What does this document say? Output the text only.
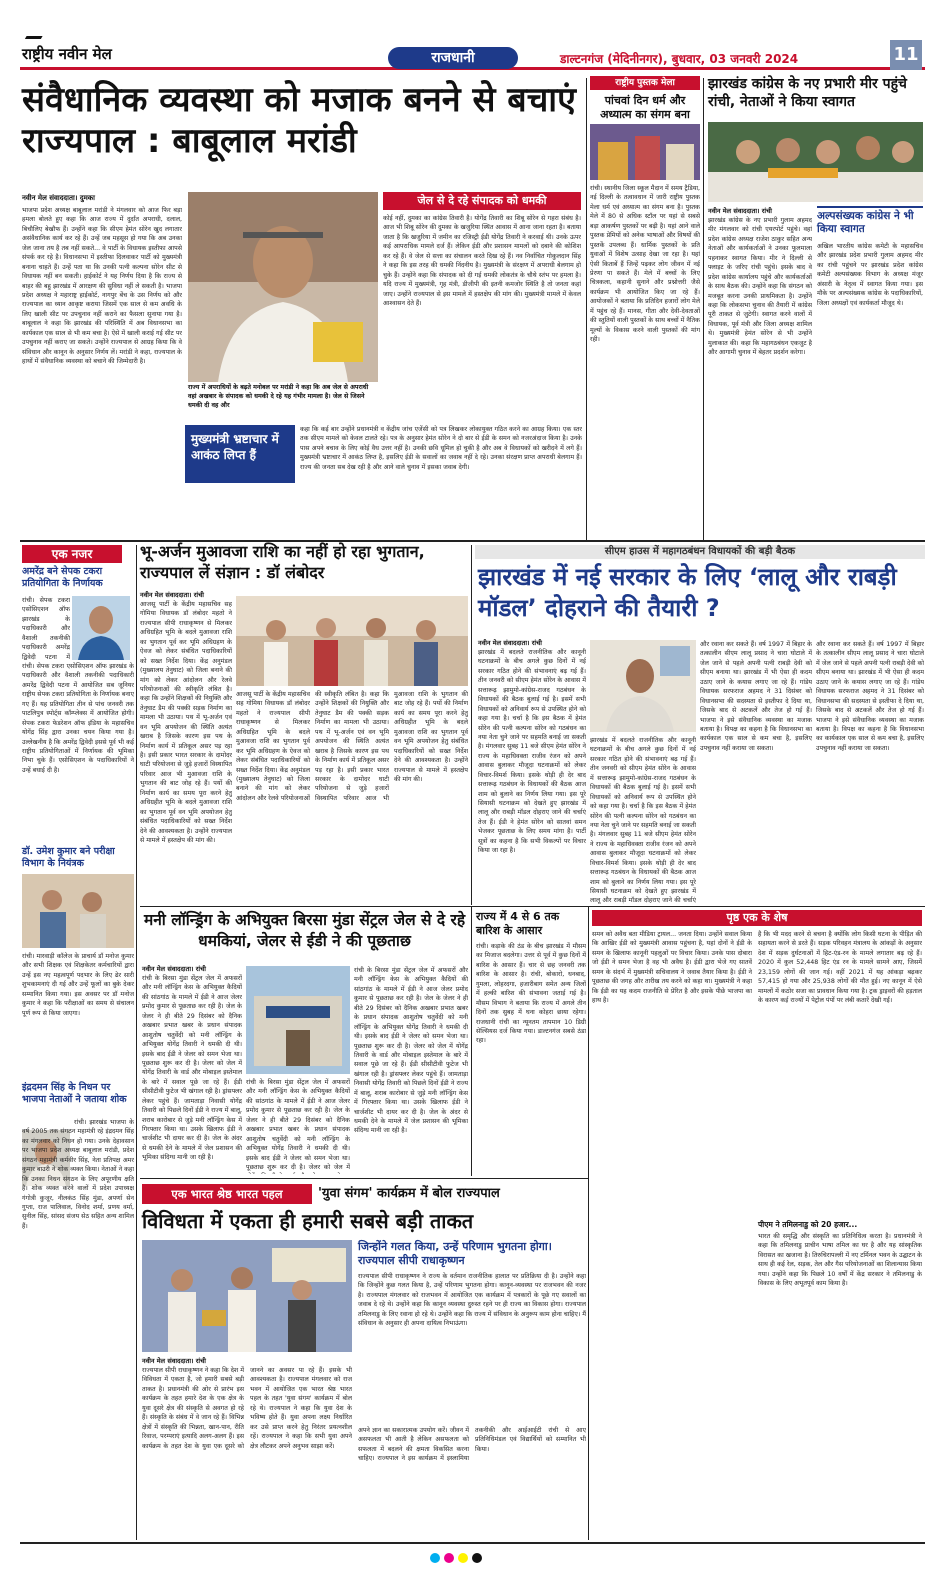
राष्ट्रीय नवीन मेल	राजधानी	डाल्टनगंज (मेदिनीनगर), बुधवार, 03 जनवरी 2024	11
संवैधानिक व्यवस्था को मजाक बनने से बचाएं राज्यपाल : बाबूलाल मरांडी
जेल से दे रहे संपादक को धमकी
नवीन मेल संवाददाता। दुमका
भाजपा प्रदेश अध्यक्ष बाबूलाल मरांडी ने मंगलवार को आज फिर बड़ा हमला बोलते हुए कहा कि आज राज्य में दुर्दांत अपराधी, दलाल, बिचौलिए बेखौफ हैं। उन्होंने कहा कि सीएम हेमंत सोरेन खुद लगातार असंवैधानिक कार्य कर रहे हैं। उन्हें जब महसूस हो गया कि अब उनका जेल जाना तय है तब नहीं सकते... वे पार्टी के विधायक इस्तीफा आपसे संपर्क कर रहे है। विधानसभा में इस्तीफा दिलवाकर पार्टी को मुख्यमंत्री बनाना चाहते हैं। उन्हें पता था कि उनकी पत्नी कल्पना सोरेन सीट से विधायक नहीं बन सकती। हाईकोर्ट ने यह निर्णय दिया है कि राज्य से बाहर की बहु झारखंड में आरक्षण की सुविधा नहीं ले सकती है। भाजपा प्रदेश अध्यक्ष ने महाराष्ट्र हाईकोर्ट, नागपुर बेंच के उस निर्णय को और राज्यपाल का ध्यान आकृष्ट कराया जिसमें एक साल से कम अवधि के लिए खाली सीट पर उपचुनाव नहीं कराने का फैसला सुनाया गया है। बाबूलाल ने कहा कि झारखंड की परिस्थिति में अब विधानसभा का कार्यकाल एक साल से भी कम बचा है। ऐसे में खाली कराई गई सीट पर उपचुनाव नहीं कराए जा सकते। उन्होंने राज्यपाल से आग्रह किया कि वे संविधान और कानून के अनुसार निर्णय लें। मरांडी ने कहा, राज्यपाल के हाथों में संवैधानिक व्यवस्था को बचाने की जिम्मेदारी है।
राज्य में अपराधियों के बढ़ते मनोबल पर मरांडी ने कहा कि अब जेल से अपराधी वहां अखबार के संपादक को धमकी दे रहे यह गंभीर मामला है। जेल से जिसने धमकी दी वह और
कोई नहीं, दुमका का कांग्रेस तिवारी है। योगेंद्र तिवारी का शिबू सोरेन से गहरा संबंध है। आज भी शिबू सोरेन की दुमका के खजुरिया स्थित आवास में आना जाना रहता है। बताया जाता है कि खजुरिया में जमीन का रजिस्ट्री ईडी योगेंद्र तिवारी ने करवाई थी। उनके ऊपर कई आपराधिक मामले दर्ज हैं। लेकिन ईडी और प्रशासन मामलों को दबाने की कोशिश कर रहे हैं। वे जेल से सत्ता का संचालन करते दिख रहे हैं। नव निर्वाचित गोकुलदान सिंह ने कहा कि इस तरह की धमकी निंदनीय है। मुख्यमंत्री के संरक्षण में अपराधी बेलगाम हो चुके हैं। उन्होंने कहा कि संपादक को दी गई धमकी लोकतंत्र के चौथे स्तंभ पर हमला है। यदि राज्य में मुख्यमंत्री, गृह मंत्री, डीजीपी की इतनी कमजोर स्थिति है तो जनता कहां जाए। उन्होंने राज्यपाल से इस मामले में हस्तक्षेप की मांग की। मुख्यमंत्री मामले में केवल आश्वासन देते हैं।
मुख्यमंत्री भ्रष्टाचार में आकंठ लिप्त हैं
कहा कि कई बार उन्होंने प्रधानमंत्री व केंद्रीय जांच एजेंसी को पत्र लिखकर लोकायुक्त गठित करने का आग्रह किया। एक स्तर तक सीएम मामले को केवल टालते रहे। पत्र के अनुसार हेमंत सोरेन ने दो बार से ईडी के समन को नजरअंदाज किया है। उनके पास अपने बचाव के लिए कोई वैध उत्तर नहीं है। उनकी छवि धूमिल हो चुकी है और अब वे विधायकों को खरीदने में लगे हैं। मुख्यमंत्री भ्रष्टाचार में आकंठ लिप्त है, इसलिए ईडी के सवालों का जवाब नहीं दे रहे। उनका संरक्षण प्राप्त अपराधी बेलगाम हैं। राज्य की जनता सब देख रही है और आने वाले चुनाव में इसका जवाब देगी।
राष्ट्रीय पुस्तक मेला
पांचवां दिन धर्म और अध्यात्म का संगम बना
रांची। स्थानीय जिला स्कूल मैदान में समय ट्रैडिया, नई दिल्ली के तत्वावधान में जारी राष्ट्रीय पुस्तक मेला धर्म एवं अध्यात्म का संगम बना है। पुस्तक मेले में 80 से अधिक स्टॉल पर यहां से सबसे बड़ा आकर्षण पुस्तकों पर बढ़ी है। यहां आने वाले पुस्तक प्रेमियों को अनेक भाषाओं और विषयों की पुस्तकें उपलब्ध हैं। धार्मिक पुस्तकों के प्रति युवाओं में विशेष उत्साह देखा जा रहा है। यहां ऐसी किताबें हैं जिन्हें पढ़कर लोग जीवन में नई प्रेरणा पा सकते हैं। मेले में बच्चों के लिए चित्रकला, कहानी सुनाने और प्रश्नोत्तरी जैसे कार्यक्रम भी आयोजित किए जा रहे हैं। आयोजकों ने बताया कि प्रतिदिन हजारों लोग मेले में पहुंच रहे हैं। मानस, गीता और देवी-देवताओं की स्तुतियों वाली पुस्तकों के साथ बच्चों में नैतिक मूल्यों के विकास करने वाली पुस्तकों की मांग रही।
झारखंड कांग्रेस के नए प्रभारी मीर पहुंचे रांची, नेताओं ने किया स्वागत
नवीन मेल संवाददाता। रांची
झारखंड कांग्रेस के नए प्रभारी गुलाम अहमद मीर मंगलवार को रांची एयरपोर्ट पहुंचे। वहां प्रदेश कांग्रेस अध्यक्ष राजेश ठाकुर सहित अन्य नेताओं और कार्यकर्ताओं ने उनका फूलमाला पहनाकर स्वागत किया। मीर ने दिल्ली से फ्लाइट के जरिए रांची पहुंचे। इसके बाद वे प्रदेश कांग्रेस कार्यालय पहुंचे और कार्यकर्ताओं के साथ बैठक की। उन्होंने कहा कि संगठन को मजबूत करना उनकी प्राथमिकता है। उन्होंने कहा कि लोकसभा चुनाव की तैयारी में कांग्रेस पूरी ताकत से जुटेगी। स्वागत करने वालों में विधायक, पूर्व मंत्री और जिला अध्यक्ष शामिल थे। मुख्यमंत्री हेमंत सोरेन से भी उन्होंने मुलाकात की। कहा कि महागठबंधन एकजुट है और आगामी चुनाव में बेहतर प्रदर्शन करेगा।
अल्पसंख्यक कांग्रेस ने भी किया स्वागत
अखिल भारतीय कांग्रेस कमेटी के महासचिव और झारखंड प्रदेश प्रभारी गुलाम अहमद मीर का रांची पहुंचने पर झारखंड प्रदेश कांग्रेस कमेटी अल्पसंख्यक विभाग के अध्यक्ष मंजूर अंसारी के नेतृत्व में स्वागत किया गया। इस मौके पर अल्पसंख्यक कांग्रेस के पदाधिकारियों, जिला अध्यक्षों एवं कार्यकर्ता मौजूद थे।
एक नजर
अमरेंद्र बने सेपक टकरा प्रतियोगिता के निर्णायक
रांची। सेपक टकरा एसोसिएशन ऑफ झारखंड के पदाधिकारी और वैशाली तकनीकी पदाधिकारी अमरेंद्र द्विवेदी पटना में
रांची। सेपक टकरा एसोसिएशन ऑफ झारखंड के पदाधिकारी और वैशाली तकनीकी पदाधिकारी अमरेंद्र द्विवेदी पटना में आयोजित सब जूनियर राष्ट्रीय सेपक टकरा प्रतियोगिता के निर्णायक बनाए गए हैं। यह प्रतियोगिता तीन से पांच जनवरी तक पाटलिपुत्र स्पोर्ट्स कॉम्प्लेक्स में आयोजित होगी। सेपक टकरा फेडरेशन ऑफ इंडिया के महासचिव योगेंद्र सिंह द्वारा उनका चयन किया गया है। उल्लेखनीय है कि अमरेंद्र द्विवेदी इससे पूर्व भी कई राष्ट्रीय प्रतियोगिताओं में निर्णायक की भूमिका निभा चुके हैं। एसोसिएशन के पदाधिकारियों ने उन्हें बधाई दी है।
डॉ. उमेश कुमार बने परीक्षा विभाग के नियंत्रक
रांची। मारवाड़ी कॉलेज के प्राचार्य डॉ मनोज कुमार और सभी शिक्षक एवं शिक्षकेतर कर्मचारियों द्वारा उन्हें इस नए महत्वपूर्ण पदभार के लिए ढेर सारी शुभकामनाएं दी गई और उन्हें फूलों का बुके देकर सम्मानित किया गया। इस अवसर पर डॉ मनोज कुमार ने कहा कि परीक्षाओं का समय से संचालन पूर्ण रूप से किया जाएगा।
इंद्रदमन सिंह के निधन पर भाजपा नेताओं ने जताया शोक
रांची। झारखंड भाजपा के वर्ष 2005 तक संगठन महामंत्री रहे इंद्रदमन सिंह का मंगलवार को निधन हो गया। उनके देहावसान पर भाजपा प्रदेश अध्यक्ष बाबूलाल मरांडी, प्रदेश संगठन महामंत्री कर्मवीर सिंह, नेता प्रतिपक्ष अमर कुमार बाउरी ने शोक व्यक्त किया। नेताओं ने कहा कि उनका निधन संगठन के लिए अपूरणीय क्षति है। शोक व्यक्त करने वालों में प्रदेश उपाध्यक्ष गंगोत्री कुजूर, नीलकंठ सिंह मुंडा, अपर्णा सेन गुप्ता, राज पालिवाल, विनोद शर्मा, प्रणय वर्मा, सुनील सिंह, सांसद संजय सेठ सहित अन्य शामिल हैं।
भू-अर्जन मुआवजा राशि का नहीं हो रहा भुगतान, राज्यपाल लें संज्ञान : डॉ लंबोदर
नवीन मेल संवाददाता। रांची
आजसू पार्टी के केंद्रीय महासचिव सह गोमिया विधायक डॉ लंबोदर महतो ने राज्यपाल सीपी राधाकृष्णन से मिलकर अधिग्रहित भूमि के बदले मुआवजा राशि का भुगतान पूर्व कर भूमि अधिग्रहण के ऐवज को लेकर संबंधित पदाधिकारियों को सख्त निर्देश दिया। केंद्र अनुमंडल (मुख्यालय तेनुघाट) को जिला बनाने की मांग को लेकर आंदोलन और रेलवे परियोजनाओं की स्वीकृति लंबित है। कहा कि उन्होंने शिक्षकों की नियुक्ति और तेनुघाट डैम की पक्की सड़क निर्माण का मामला भी उठाया। पथ में भू-अर्जन एवं वन भूमि अपयोजन की स्थिति अत्यंत खराब है जिसके कारण इस पथ के निर्माण कार्य में प्रतिकूल असर पड़ रहा है। इसी प्रकार भारत सरकार के दामोदर घाटी परियोजना से जुड़े हजारों विस्थापित परिवार आज भी मुआवजा राशि के भुगतान की बाट जोह रहे हैं। पर्यो की निर्माण कार्य का समय पूरा करने हेतु अधिग्रहीत भूमि के बदले मुआवजा राशि का भुगतान पूर्व वन भूमि अपयोजन हेतु संबंधित पदाधिकारियों को सख्त निर्देश देने की आवश्यकता है। उन्होंने राज्यपाल से मामले में हस्तक्षेप की मांग की।
आजसू पार्टी के केंद्रीय महासचिव सह गोमिया विधायक डॉ लंबोदर महतो ने राज्यपाल सीपी राधाकृष्णन से मिलकर अधिग्रहित भूमि के बदले मुआवजा राशि का भुगतान पूर्व कर भूमि अधिग्रहण के ऐवज को लेकर संबंधित पदाधिकारियों को सख्त निर्देश दिया। केंद्र अनुमंडल (मुख्यालय तेनुघाट) को जिला बनाने की मांग को लेकर आंदोलन और रेलवे परियोजनाओं की स्वीकृति लंबित है। कहा कि उन्होंने शिक्षकों की नियुक्ति और तेनुघाट डैम की पक्की सड़क निर्माण का मामला भी उठाया। पथ में भू-अर्जन एवं वन भूमि अपयोजन की स्थिति अत्यंत खराब है जिसके कारण इस पथ के निर्माण कार्य में प्रतिकूल असर पड़ रहा है। इसी प्रकार भारत सरकार के दामोदर घाटी परियोजना से जुड़े हजारों विस्थापित परिवार आज भी मुआवजा राशि के भुगतान की बाट जोह रहे हैं। पर्यो की निर्माण कार्य का समय पूरा करने हेतु अधिग्रहीत भूमि के बदले मुआवजा राशि का भुगतान पूर्व वन भूमि अपयोजन हेतु संबंधित पदाधिकारियों को सख्त निर्देश देने की आवश्यकता है। उन्होंने राज्यपाल से मामले में हस्तक्षेप की मांग की।
सीएम हाउस में महागठबंधन विधायकों की बड़ी बैठक
झारखंड में नई सरकार के लिए ‘लालू और राबड़ी मॉडल’ दोहराने की तैयारी ?
नवीन मेल संवाददाता। रांची
झारखंड में बदलते राजनीतिक और कानूनी घटनाक्रमों के बीच अगले कुछ दिनों में नई सरकार गठित होने की संभावनाएं बढ़ गई हैं। तीन जनवरी को सीएम हेमंत सोरेन के आवास में सत्तारूढ़ झामुमो-कांग्रेस-राजद गठबंधन के विधायकों की बैठक बुलाई गई है। इसमें सभी विधायकों को अनिवार्य रूप से उपस्थित होने को कहा गया है। चर्चा है कि इस बैठक में हेमंत सोरेन की पत्नी कल्पना सोरेन को गठबंधन का नया नेता चुने जाने पर सहमति बनाई जा सकती है। मंगलवार सुबह 11 बजे सीएम हेमंत सोरेन ने राज्य के महाधिवक्ता राजीव रंजन को अपने आवास बुलाकर मौजूदा घटनाक्रमों को लेकर विचार-विमर्श किया। इसके थोड़ी ही देर बाद सत्तारूढ़ गठबंधन के विधायकों की बैठक आज शाम को बुलाने का निर्णय लिया गया। इस पूरे सियासी घटनाक्रम को देखते हुए झारखंड में लालू और राबड़ी मॉडल दोहराए जाने की चर्चाएं तेज हैं। ईडी ने हेमंत सोरेन को सातवां समन भेजकर पूछताछ के लिए समय मांगा है। पार्टी सूत्रों का कहना है कि सभी विकल्पों पर विचार किया जा रहा है।
झारखंड में बदलते राजनीतिक और कानूनी घटनाक्रमों के बीच अगले कुछ दिनों में नई सरकार गठित होने की संभावनाएं बढ़ गई हैं। तीन जनवरी को सीएम हेमंत सोरेन के आवास में सत्तारूढ़ झामुमो-कांग्रेस-राजद गठबंधन के विधायकों की बैठक बुलाई गई है। इसमें सभी विधायकों को अनिवार्य रूप से उपस्थित होने को कहा गया है। चर्चा है कि इस बैठक में हेमंत सोरेन की पत्नी कल्पना सोरेन को गठबंधन का नया नेता चुने जाने पर सहमति बनाई जा सकती है। मंगलवार सुबह 11 बजे सीएम हेमंत सोरेन ने राज्य के महाधिवक्ता राजीव रंजन को अपने आवास बुलाकर मौजूदा घटनाक्रमों को लेकर विचार-विमर्श किया। इसके थोड़ी ही देर बाद सत्तारूढ़ गठबंधन के विधायकों की बैठक आज शाम को बुलाने का निर्णय लिया गया। इस पूरे सियासी घटनाक्रम को देखते हुए झारखंड में लालू और राबड़ी मॉडल दोहराए जाने की चर्चाएं
और रवाना कर सकते हैं। वर्ष 1997 में बिहार के तत्कालीन सीएम लालू प्रसाद ने चारा घोटाले में जेल जाने से पहले अपनी पत्नी राबड़ी देवी को सीएम बनाया था। झारखंड में भी ऐसा ही कदम उठाए जाने के कयास लगाए जा रहे हैं। गांडेय विधायक सरफराज अहमद ने 31 दिसंबर को विधानसभा की सदस्यता से इस्तीफा दे दिया था, जिसके बाद से अटकलें और तेज हो गई हैं। भाजपा ने इसे संवैधानिक व्यवस्था का मजाक बताया है। विपक्ष का कहना है कि विधानसभा का कार्यकाल एक साल से कम बचा है, इसलिए उपचुनाव नहीं कराया जा सकता।
और रवाना कर सकते हैं। वर्ष 1997 में बिहार के तत्कालीन सीएम लालू प्रसाद ने चारा घोटाले में जेल जाने से पहले अपनी पत्नी राबड़ी देवी को सीएम बनाया था। झारखंड में भी ऐसा ही कदम उठाए जाने के कयास लगाए जा रहे हैं। गांडेय विधायक सरफराज अहमद ने 31 दिसंबर को विधानसभा की सदस्यता से इस्तीफा दे दिया था, जिसके बाद से अटकलें और तेज हो गई हैं। भाजपा ने इसे संवैधानिक व्यवस्था का मजाक बताया है। विपक्ष का कहना है कि विधानसभा का कार्यकाल एक साल से कम बचा है, इसलिए उपचुनाव नहीं कराया जा सकता।
मनी लॉन्ड्रिंग के अभियुक्त बिरसा मुंडा सेंट्रल जेल से दे रहे धमकियां, जेलर से ईडी ने की पूछताछ
नवीन मेल संवाददाता। रांची
रांची के बिरसा मुंडा सेंट्रल जेल में अफसरों और मनी लॉन्ड्रिंग केस के अभियुक्त कैदियों की सांठगांठ के मामले में ईडी ने आज जेलर प्रमोद कुमार से पूछताछ कर रही है। जेल के जेलर ने ही बीते 29 दिसंबर को दैनिक अखबार प्रभात खबर के प्रधान संपादक आशुतोष चतुर्वेदी को मनी लॉन्ड्रिंग के अभियुक्त योगेंद्र तिवारी ने धमकी दी थी। इसके बाद ईडी ने जेलर को समन भेजा था। पूछताछ शुरू कर दी है। जेलर को जेल में योगेंद्र तिवारी के वार्ड और मोबाइल इस्तेमाल के बारे में सवाल पूछे जा रहे हैं। ईडी सीसीटीवी फुटेज भी खंगाल रही है। ड्रांसफ्लर लेकर पहुंचे हैं। जामताड़ा निवासी योगेंद्र तिवारी को पिछले दिनों ईडी ने राज्य में बालू, शराब कारोबार से जुड़े मनी लॉन्ड्रिंग केस में गिरफ्तार किया था। उसके खिलाफ ईडी ने चार्जशीट भी दायर कर दी है। जेल के अंदर से धमकी देने के मामले में जेल प्रशासन की भूमिका संदिग्ध मानी जा रही है।
रांची के बिरसा मुंडा सेंट्रल जेल में अफसरों और मनी लॉन्ड्रिंग केस के अभियुक्त कैदियों की सांठगांठ के मामले में ईडी ने आज जेलर प्रमोद कुमार से पूछताछ कर रही है। जेल के जेलर ने ही बीते 29 दिसंबर को दैनिक अखबार प्रभात खबर के प्रधान संपादक आशुतोष चतुर्वेदी को मनी लॉन्ड्रिंग के अभियुक्त योगेंद्र तिवारी ने धमकी दी थी। इसके बाद ईडी ने जेलर को समन भेजा था। पूछताछ शुरू कर दी है। जेलर को जेल में
रांची के बिरसा मुंडा सेंट्रल जेल में अफसरों और मनी लॉन्ड्रिंग केस के अभियुक्त कैदियों की सांठगांठ के मामले में ईडी ने आज जेलर प्रमोद कुमार से पूछताछ कर रही है। जेल के जेलर ने ही बीते 29 दिसंबर को दैनिक अखबार प्रभात खबर के प्रधान संपादक आशुतोष चतुर्वेदी को मनी लॉन्ड्रिंग के अभियुक्त योगेंद्र तिवारी ने धमकी दी थी। इसके बाद ईडी ने जेलर को समन भेजा था। पूछताछ शुरू कर दी है। जेलर को जेल में योगेंद्र तिवारी के वार्ड और मोबाइल इस्तेमाल के बारे में सवाल पूछे जा रहे हैं। ईडी सीसीटीवी फुटेज भी खंगाल रही है। ड्रांसफ्लर लेकर पहुंचे हैं। जामताड़ा निवासी योगेंद्र तिवारी को पिछले दिनों ईडी ने राज्य में बालू, शराब कारोबार से जुड़े मनी लॉन्ड्रिंग केस में गिरफ्तार किया था। उसके खिलाफ ईडी ने चार्जशीट भी दायर कर दी है। जेल के अंदर से धमकी देने के मामले में जेल प्रशासन की भूमिका संदिग्ध मानी जा रही है।
राज्य में 4 से 6 तक बारिश के आसार
रांची। कड़ाके की ठंड के बीच झारखंड में मौसम का मिजाज बदलेगा। उत्तर से पूर्व में कुछ दिनों में बारिश के आसार हैं। चार से छह जनवरी तक बारिश के आसार है। रांची, बोकारो, धनबाद, गुमला, लोहरदगा, हजारीबाग समेत अन्य जिलों में हल्की बारिश की संभावना जताई गई है। मौसम विभाग ने बताया कि राज्य में अगले तीन दिनों तक सुबह में घना कोहरा छाया रहेगा। राजधानी रांची का न्यूनतम तापमान 10 डिग्री सेल्सियस दर्ज किया गया। डाल्टनगंज सबसे ठंडा रहा।
पृष्ठ एक के शेष
समन को अवैध बता मीडिया ट्रायल... जनता दिया। उन्होंने सवाल किया कि आखिर ईडी को मुख्यमंत्री आवास पहुंचना है, यहां दोनों ने ईडी के समन के खिलाफ कानूनी पहलुओं पर विचार किया। उनके पास दोबारा जो ईडी ने समन भेजा है वह भी अवैध है। ईडी द्वारा भेजे गए सातवें समन के संदर्भ में मुख्यमंत्री सचिवालय ने जवाब तैयार किया है। ईडी ने पूछताछ की जगह और तारीख तय करने को कहा था। मुख्यमंत्री ने कहा कि ईडी का यह कदम राजनीति से प्रेरित है और इसके पीछे भाजपा का हाथ है।
है कि भी मदद करने से बचना है क्योंकि लोग किसी घटना के पीड़ित की सहायता करने से डरते हैं। सड़क परिवहन मंत्रालय के आंकड़ों के अनुसार देश में सड़क दुर्घटनाओं में हिट-एंड-रन के मामले लगातार बढ़ रहे हैं। 2020 में कुल 52,448 हिट एंड रन के मामले सामने आए, जिसमें 23,159 लोगों की जान गई। वहीं 2021 में यह आंकड़ा बढ़कर 57,415 हो गया और 25,938 लोगों की मौत हुई। नए कानून में ऐसे मामलों में कठोर सजा का प्रावधान किया गया है। ट्रक ड्राइवरों की हड़ताल के कारण कई राज्यों में पेट्रोल पंपों पर लंबी कतारें देखी गईं।
पीएम ने तमिलनाडु को 20 हजार...
भारत की समृद्धि और संस्कृति का प्रतिनिधित्व करता है। प्रधानमंत्री ने कहा कि तमिलनाडु प्राचीन भाषा तमिल का घर है और यह सांस्कृतिक विरासत का खजाना है। तिरुचिरापल्ली में नए टर्मिनल भवन के उद्घाटन के साथ ही कई रेल, सड़क, तेल और गैस परियोजनाओं का शिलान्यास किया गया। उन्होंने कहा कि पिछले 10 वर्षों में केंद्र सरकार ने तमिलनाडु के विकास के लिए अभूतपूर्व काम किया है।
एक भारत श्रेष्ठ भारत पहल	'युवा संगम' कार्यक्रम में बोल राज्यपाल
विविधता में एकता ही हमारी सबसे बड़ी ताकत
नवीन मेल संवाददाता। रांची
राज्यपाल सीपी राधाकृष्णन ने कहा कि देश में विविधता में एकता है, जो हमारी सबसे बड़ी ताकत है। प्रधानमंत्री की ओर से प्रारंभ इस कार्यक्रम के तहत हमारे देश के एक क्षेत्र के युवा दूसरे क्षेत्र की संस्कृति से अवगत हो रहे हैं। संस्कृति के संबंध में वे जान रहे हैं। विभिन्न क्षेत्रों में संस्कृति की भिन्नता, खान-पान, रीति रिवाज, परम्पराएं इत्यादि अलग-अलग हैं। इस कार्यक्रम के तहत देश के युवा एक दूसरे को जानने का अवसर पा रहे हैं। इसके भी आवश्यकता है। राज्यपाल मंगलवार को राज भवन में आयोजित एक भारत श्रेष्ठ भारत पहल के तहत 'युवा संगम' कार्यक्रम में बोल रहे थे। राज्यपाल ने कहा कि युवा देश के भविष्य होते हैं। युवा अपना लक्ष्य निर्धारित कर उसे प्राप्त करने हेतु निरंतर प्रयत्नशील रहें। राज्यपाल ने कहा कि सभी युवा अपने क्षेत्र लौटकर अपने अनुभव साझा करें।
जिन्होंने गलत किया, उन्हें परिणाम भुगतना होगा। राज्यपाल सीपी राधाकृष्णन
राज्यपाल सीपी राधाकृष्णन ने राज्य के वर्तमान राजनीतिक हालात पर प्रतिक्रिया दी है। उन्होंने कहा कि जिन्होंने कुछ गलत किया है, उन्हें परिणाम भुगतना होगा। कानून-व्यवस्था पर राजभवन की नजर है। राज्यपाल मंगलवार को राजभवन में आयोजित एक कार्यक्रम में पत्रकारों के पूछे गए सवालों का जवाब दे रहे थे। उन्होंने कहा कि कानून व्यवस्था दुरुस्त रहने पर ही राज्य का विकास होगा। राज्यपाल तमिलनाडु के लिए रवाना हो रहे थे। उन्होंने कहा कि राज्य में संविधान के अनुरूप काम होना चाहिए। मैं संविधान के अनुसार ही अपना दायित्व निभाऊंगा।
अपने ज्ञान का सकारात्मक उपयोग करें। जीवन में असफलता भी आती है लेकिन असफलता को सफलता में बदलने की क्षमता विकसित करना चाहिए। राज्यपाल ने इस कार्यक्रम में इस्लामिया तकनीकी और आईआईटी रांची से आए प्रतिनिधिमंडल एवं विद्यार्थियों को सम्मानित भी किया।
